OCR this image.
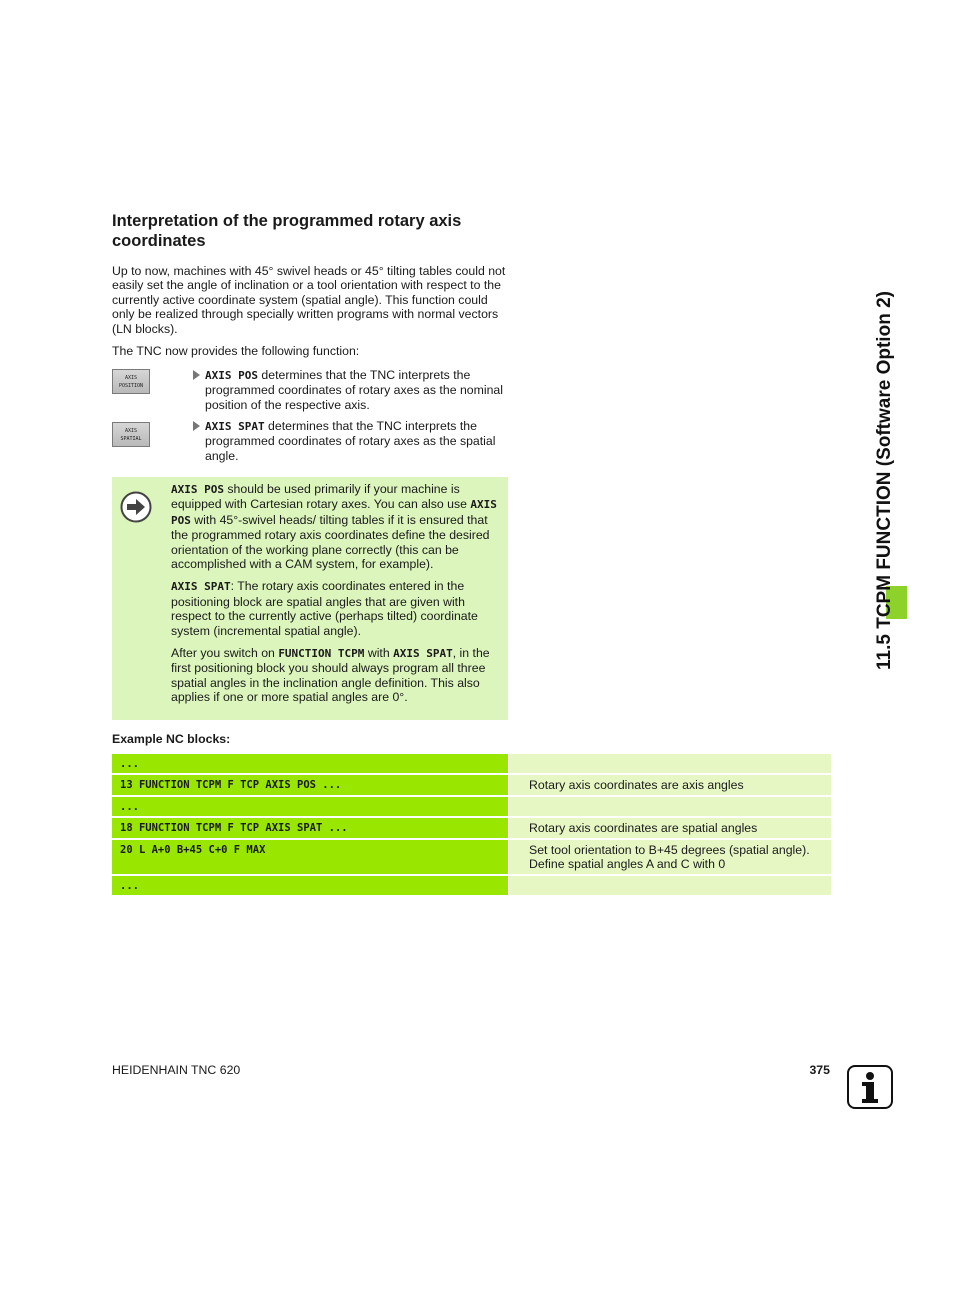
Interpretation of the programmed rotary axis coordinates

Up to now, machines with 45° swivel heads or 45° tilting tables could not easily set the angle of inclination or a tool orientation with respect to the currently active coordinate system (spatial angle). This function could only be realized through specially written programs with normal vectors (LN blocks).

The TNC now provides the following function:

AXIS
POSITION
AXIS
SPATIAL
AXIS POS determines that the TNC interprets the programmed coordinates of rotary axes as the nominal position of the respective axis.
AXIS SPAT determines that the TNC interprets the programmed coordinates of rotary axes as the spatial angle.

AXIS POS should be used primarily if your machine is equipped with Cartesian rotary axes. You can also use AXIS POS with 45°-swivel heads/ tilting tables if it is ensured that the programmed rotary axis coordinates define the desired orientation of the working plane correctly (this can be accomplished with a CAM system, for example).

AXIS SPAT: The rotary axis coordinates entered in the positioning block are spatial angles that are given with respect to the currently active (perhaps tilted) coordinate system (incremental spatial angle).

After you switch on FUNCTION TCPM with AXIS SPAT, in the first positioning block you should always program all three spatial angles in the inclination angle definition. This also applies if one or more spatial angles are 0°.

Example NC blocks:

...
13 FUNCTION TCPM F TCP AXIS POS ...	Rotary axis coordinates are axis angles
...
18 FUNCTION TCPM F TCP AXIS SPAT ...	Rotary axis coordinates are spatial angles
20 L A+0 B+45 C+0 F MAX	Set tool orientation to B+45 degrees (spatial angle). Define spatial angles A and C with 0
...
11.5 TCPM FUNCTION (Software Option 2)
HEIDENHAIN TNC 620	375
